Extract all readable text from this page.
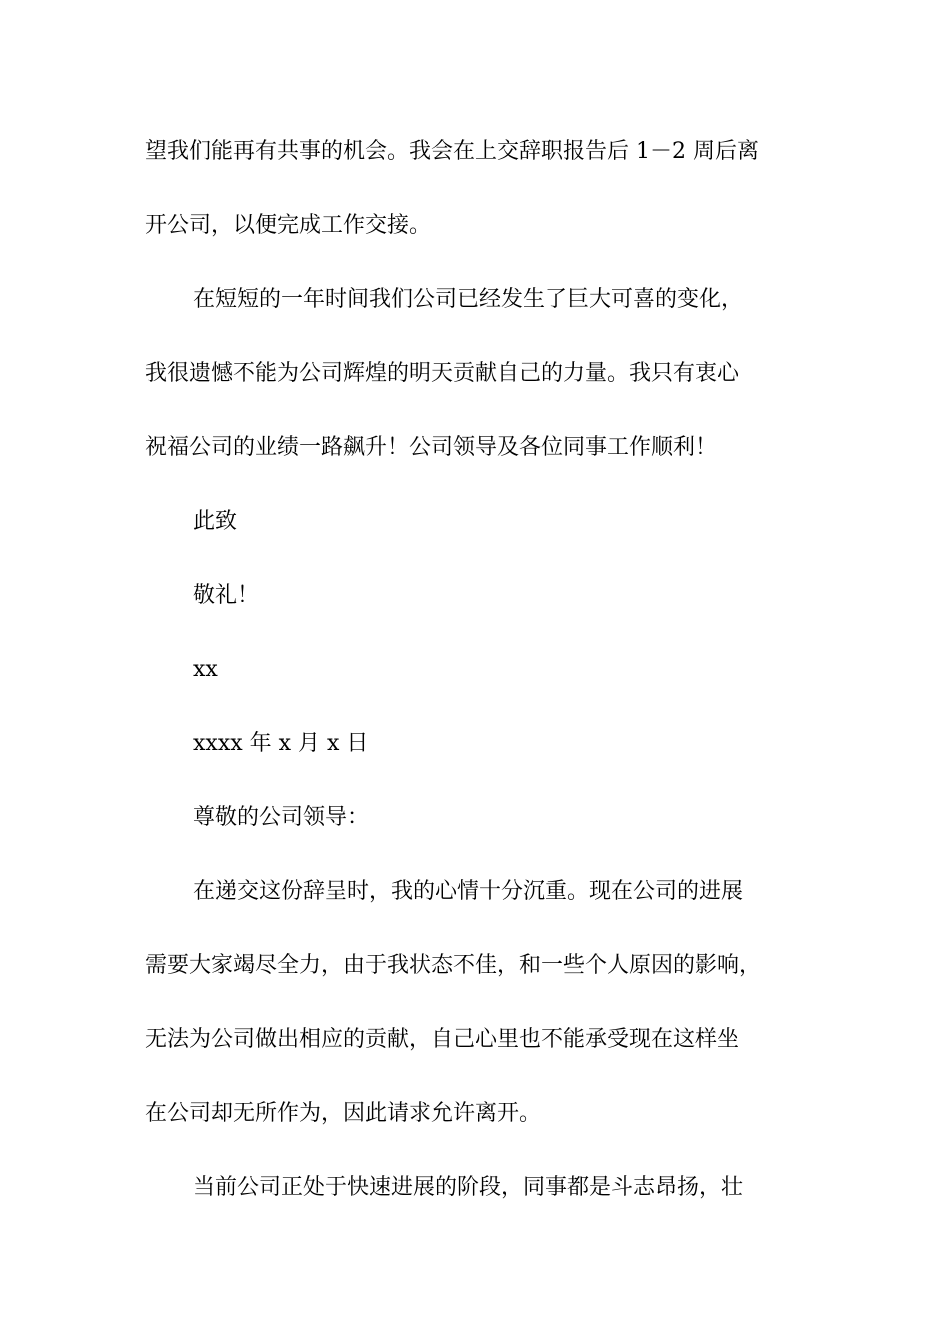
望我们能再有共事的机会。我会在上交辞职报告后 1－2 周后离
开公司，以便完成工作交接。
在短短的一年时间我们公司已经发生了巨大可喜的变化，
我很遗憾不能为公司辉煌的明天贡献自己的力量。我只有衷心
祝福公司的业绩一路飙升！公司领导及各位同事工作顺利！
此致
敬礼！
xx
xxxx 年 x 月 x 日
尊敬的公司领导：
在递交这份辞呈时，我的心情十分沉重。现在公司的进展
需要大家竭尽全力，由于我状态不佳，和一些个人原因的影响，
无法为公司做出相应的贡献，自己心里也不能承受现在这样坐
在公司却无所作为，因此请求允许离开。
当前公司正处于快速进展的阶段，同事都是斗志昂扬，壮
